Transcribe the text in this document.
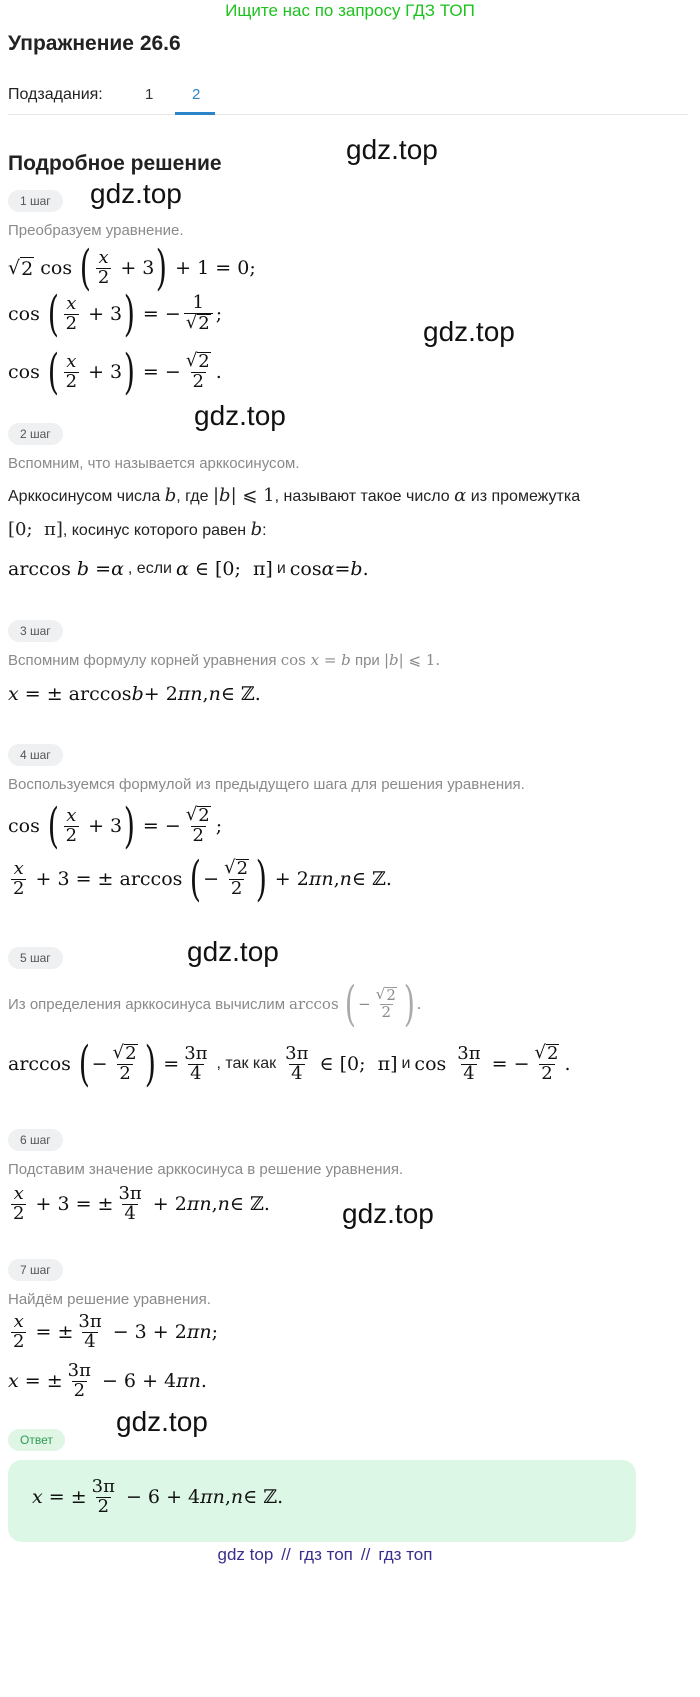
Ищите нас по запросу ГДЗ ТОП
Упражнение 26.6
Подзадания:	1	2
Подробное решение	gdz.top
gdz.top
gdz.top
gdz.top
gdz.top
gdz.top
gdz.top
1 шаг
Преобразуем уравнение.
√ 2 cos ( $\frac{x}{2} + 3$ ) + 1 = 0;
cos ( $\frac{x}{2} + 3$ ) = − $\frac{1}{√ 2}$ ;
cos ( $\frac{x}{2} + 3$ ) = − $\frac{√ 2}{2}$ .
2 шаг
Вспомним, что называется арккосинусом.
Арккосинусом числа b, где |b| ⩽ 1, называют такое число α из промежутка
[0;  π], косинус которого равен b:
arccos b = α , если α ∈ [0;  π] и cos α = b .
3 шаг
Вспомним формулу корней уравнения cos x = b при |b| ⩽ 1.
x = ± arccos b + 2 πn , n ∈ ℤ.
4 шаг
Воспользуемся формулой из предыдущего шага для решения уравнения.
cos ( $\frac{x}{2} + 3$ ) = − $\frac{√ 2}{2}$ ;
$\frac{x}{2} + 3$ = ± arccos ( − $\frac{√ 2}{2}$ ) + 2 πn , n ∈ ℤ.
5 шаг
Из определения арккосинуса вычислим arccos ( − $\frac{√ 2}{2}$ ) .
arccos ( − $\frac{√ 2}{2}$ ) = $\frac{3\pi}{4}$ , так как $\frac{3\pi}{4}$ ∈ [0;  π] и $\cos \frac{3\pi}{4}$ = − $\frac{√ 2}{2}$ .
6 шаг
Подставим значение арккосинуса в решение уравнения.
$\frac{x}{2} + 3$ = ± $\frac{3\pi}{4} + 2$ πn , n ∈ ℤ.
7 шаг
Найдём решение уравнения.
$\frac{x}{2}$ = ± $\frac{3\pi}{4} - 3 + 2$ πn ;
x = ± $\frac{3\pi}{2} - 6 + 4$ πn .
Ответ
x = ± $\frac{3\pi}{2} - 6 + 4$ πn , n ∈ ℤ.
gdz top // гдз топ // гдз топ
